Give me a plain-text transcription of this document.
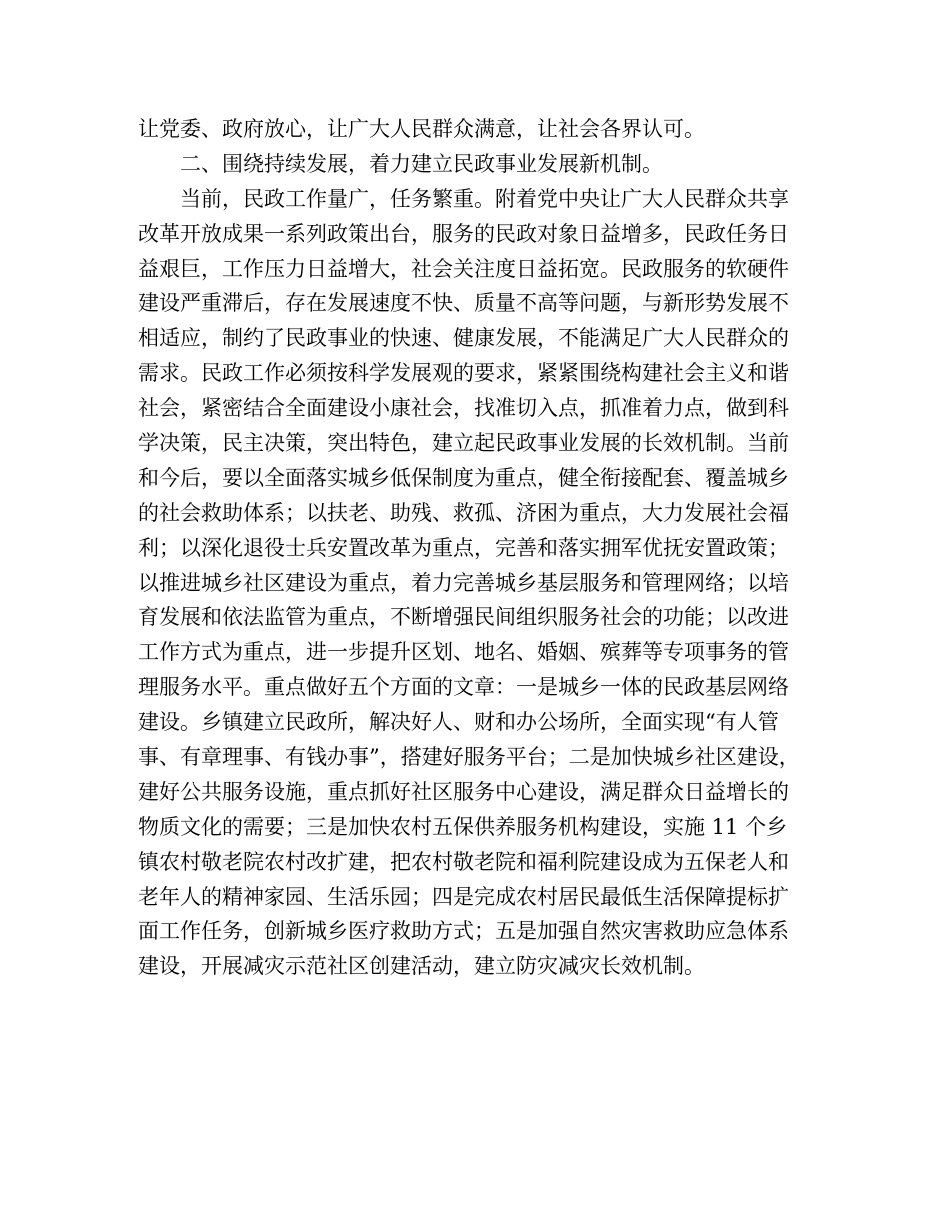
让党委、政府放心，让广大人民群众满意，让社会各界认可。

二、围绕持续发展，着力建立民政事业发展新机制。

当前，民政工作量广，任务繁重。附着党中央让广大人民群众共享

改革开放成果一系列政策出台，服务的民政对象日益增多，民政任务日

益艰巨，工作压力日益增大，社会关注度日益拓宽。民政服务的软硬件

建设严重滞后，存在发展速度不快、质量不高等问题，与新形势发展不

相适应，制约了民政事业的快速、健康发展，不能满足广大人民群众的

需求。民政工作必须按科学发展观的要求，紧紧围绕构建社会主义和谐

社会，紧密结合全面建设小康社会，找准切入点，抓准着力点，做到科

学决策，民主决策，突出特色，建立起民政事业发展的长效机制。当前

和今后，要以全面落实城乡低保制度为重点，健全衔接配套、覆盖城乡

的社会救助体系；以扶老、助残、救孤、济困为重点，大力发展社会福

利；以深化退役士兵安置改革为重点，完善和落实拥军优抚安置政策；

以推进城乡社区建设为重点，着力完善城乡基层服务和管理网络；以培

育发展和依法监管为重点，不断增强民间组织服务社会的功能；以改进

工作方式为重点，进一步提升区划、地名、婚姻、殡葬等专项事务的管

理服务水平。重点做好五个方面的文章：一是城乡一体的民政基层网络

建设。乡镇建立民政所，解决好人、财和办公场所，全面实现“有人管

事、有章理事、有钱办事”，搭建好服务平台；二是加快城乡社区建设，

建好公共服务设施，重点抓好社区服务中心建设，满足群众日益增长的

物质文化的需要；三是加快农村五保供养服务机构建设，实施 11 个乡

镇农村敬老院农村改扩建，把农村敬老院和福利院建设成为五保老人和

老年人的精神家园、生活乐园；四是完成农村居民最低生活保障提标扩

面工作任务，创新城乡医疗救助方式；五是加强自然灾害救助应急体系

建设，开展减灾示范社区创建活动，建立防灾减灾长效机制。
